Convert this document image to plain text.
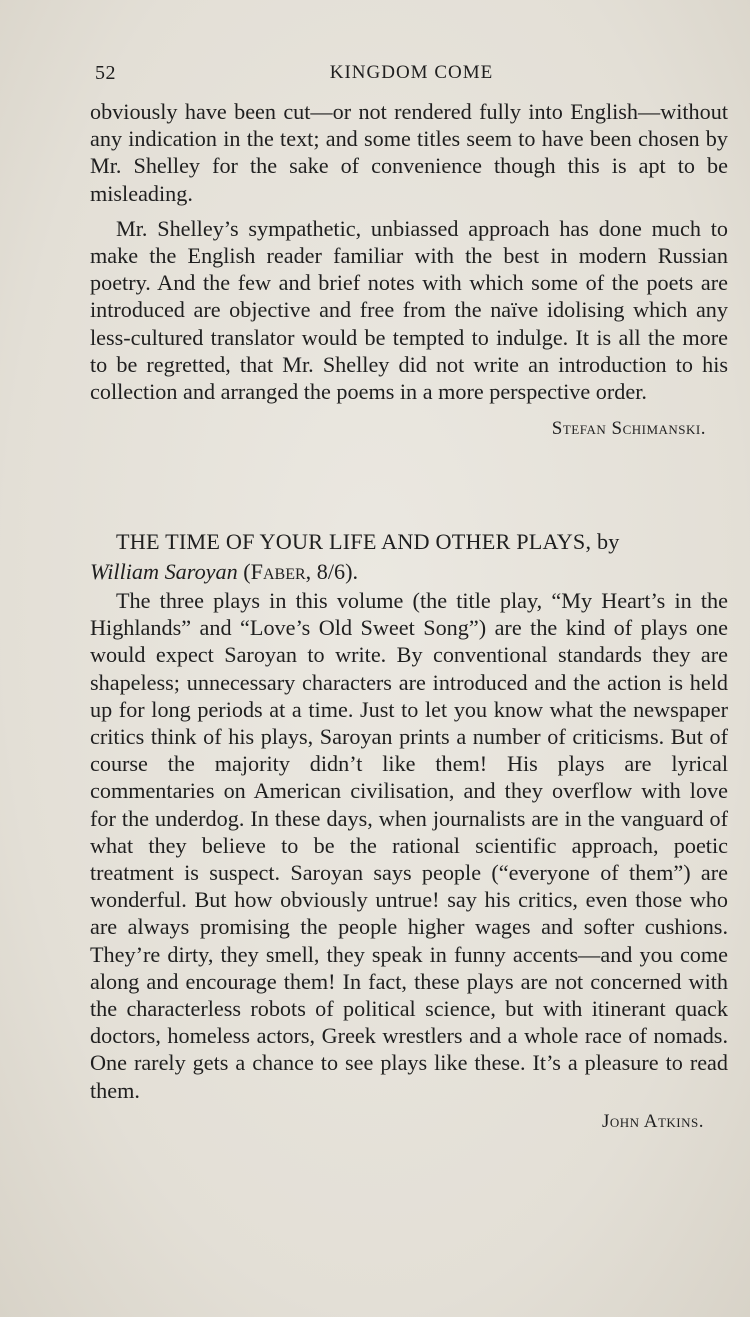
52	KINGDOM COME

obviously have been cut—or not rendered fully into English—without any indication in the text; and some titles seem to have been chosen by Mr. Shelley for the sake of convenience though this is apt to be misleading.

Mr. Shelley’s sympathetic, unbiassed approach has done much to make the English reader familiar with the best in modern Russian poetry. And the few and brief notes with which some of the poets are introduced are objective and free from the naïve idolising which any less-cultured translator would be tempted to indulge. It is all the more to be regretted, that Mr. Shelley did not write an introduction to his collection and arranged the poems in a more perspective order.

Stefan Schimanski.

THE TIME OF YOUR LIFE AND OTHER PLAYS, by

William Saroyan (Faber, 8/6).

The three plays in this volume (the title play, “My Heart’s in the Highlands” and “Love’s Old Sweet Song”) are the kind of plays one would expect Saroyan to write. By conventional standards they are shapeless; unnecessary characters are introduced and the action is held up for long periods at a time. Just to let you know what the newspaper critics think of his plays, Saroyan prints a number of criticisms. But of course the majority didn’t like them! His plays are lyrical commentaries on American civilisation, and they overflow with love for the underdog. In these days, when journalists are in the vanguard of what they believe to be the rational scientific approach, poetic treatment is suspect. Saroyan says people (“everyone of them”) are wonderful. But how obviously untrue! say his critics, even those who are always promising the people higher wages and softer cushions. They’re dirty, they smell, they speak in funny accents—and you come along and encourage them! In fact, these plays are not concerned with the characterless robots of political science, but with itinerant quack doctors, homeless actors, Greek wrestlers and a whole race of nomads. One rarely gets a chance to see plays like these. It’s a pleasure to read them.

John Atkins.
